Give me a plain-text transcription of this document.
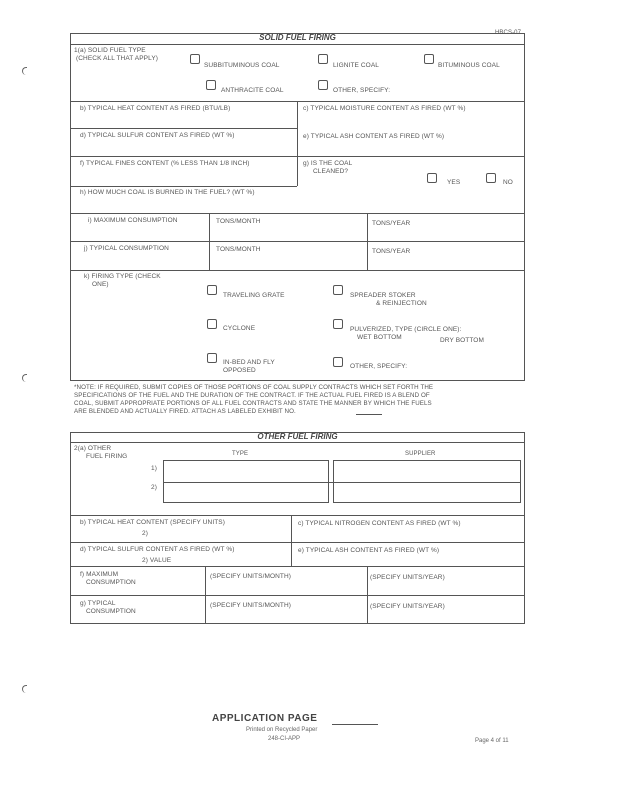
HBCS-07
SOLID FUEL FIRING
1(a) SOLID FUEL TYPE
(CHECK ALL THAT APPLY)
SUBBITUMINOUS COAL	LIGNITE COAL	BITUMINOUS COAL
ANTHRACITE COAL	OTHER, SPECIFY:
b) TYPICAL HEAT CONTENT AS FIRED (BTU/LB)	c) TYPICAL MOISTURE CONTENT AS FIRED (WT %)
d) TYPICAL SULFUR CONTENT AS FIRED (WT %)	e) TYPICAL ASH CONTENT AS FIRED (WT %)
f) TYPICAL FINES CONTENT (% LESS THAN 1/8 INCH)	g) IS THE COAL
CLEANED?
YES	NO
h) HOW MUCH COAL IS BURNED IN THE FUEL? (WT %)
i) MAXIMUM CONSUMPTION	TONS/MONTH	TONS/YEAR
j) TYPICAL CONSUMPTION	TONS/MONTH	TONS/YEAR
k) FIRING TYPE (CHECK
ONE)
TRAVELING GRATE	SPREADER STOKER
& REINJECTION
CYCLONE	PULVERIZED, TYPE (CIRCLE ONE):
WET BOTTOM	DRY BOTTOM
IN-BED AND FLY
OPPOSED
OTHER, SPECIFY:
*NOTE: IF REQUIRED, SUBMIT COPIES OF THOSE PORTIONS OF COAL SUPPLY CONTRACTS WHICH SET FORTH THE
SPECIFICATIONS OF THE FUEL AND THE DURATION OF THE CONTRACT. IF THE ACTUAL FUEL FIRED IS A BLEND OF
COAL, SUBMIT APPROPRIATE PORTIONS OF ALL FUEL CONTRACTS AND STATE THE MANNER BY WHICH THE FUELS
ARE BLENDED AND ACTUALLY FIRED. ATTACH AS LABELED EXHIBIT NO.
OTHER FUEL FIRING
2(a) OTHER
FUEL FIRING	TYPE	SUPPLIER
1)
2)
b) TYPICAL HEAT CONTENT (SPECIFY UNITS)
2)
c) TYPICAL NITROGEN CONTENT AS FIRED (WT %)
d) TYPICAL SULFUR CONTENT AS FIRED (WT %)
2) VALUE
e) TYPICAL ASH CONTENT AS FIRED (WT %)
f) MAXIMUM
CONSUMPTION
(SPECIFY UNITS/MONTH)	(SPECIFY UNITS/YEAR)
g) TYPICAL
CONSUMPTION
(SPECIFY UNITS/MONTH)	(SPECIFY UNITS/YEAR)
APPLICATION PAGE
Printed on Recycled Paper
248-CI-APP	Page 4 of 11
